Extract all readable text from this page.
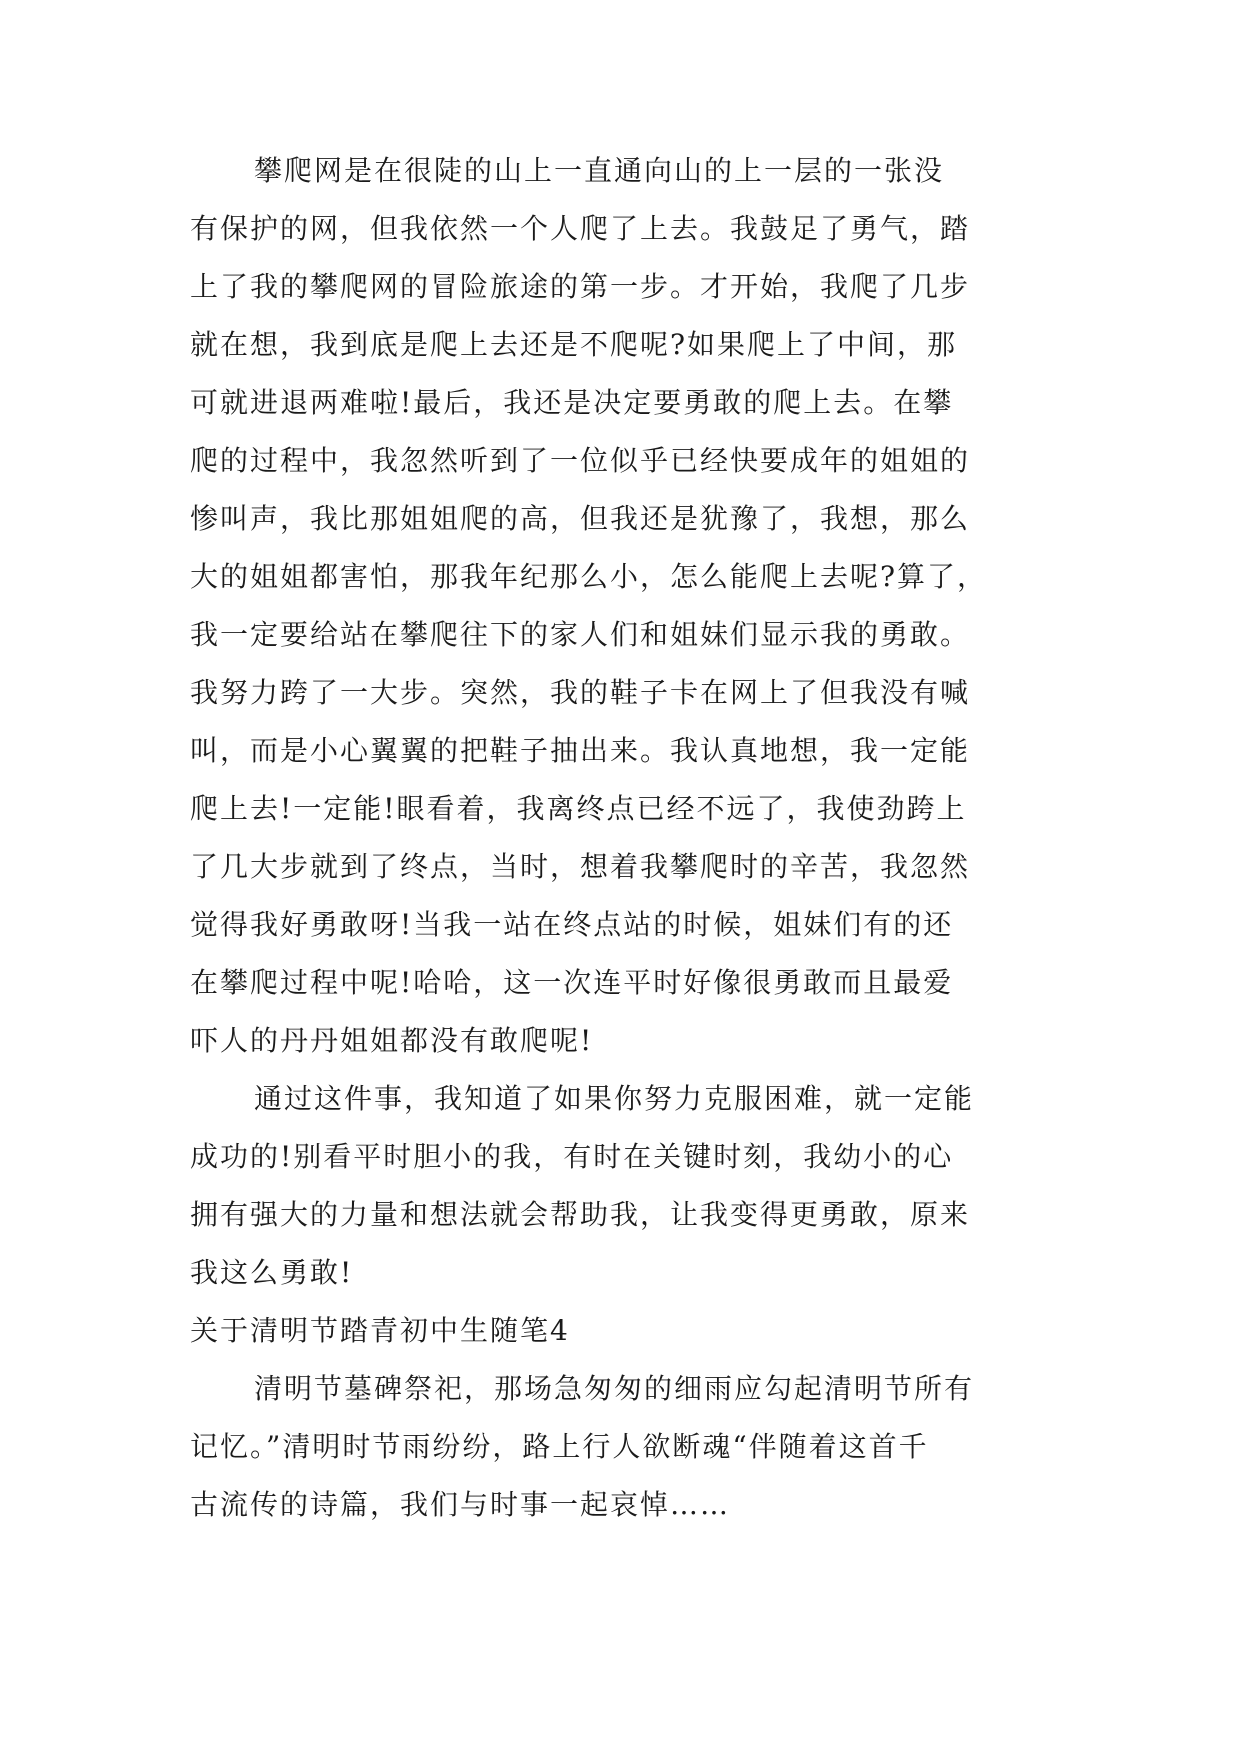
攀爬网是在很陡的山上一直通向山的上一层的一张没
有保护的网，但我依然一个人爬了上去。我鼓足了勇气，踏
上了我的攀爬网的冒险旅途的第一步。才开始，我爬了几步
就在想，我到底是爬上去还是不爬呢?如果爬上了中间，那
可就进退两难啦!最后，我还是决定要勇敢的爬上去。在攀
爬的过程中，我忽然听到了一位似乎已经快要成年的姐姐的
惨叫声，我比那姐姐爬的高，但我还是犹豫了，我想，那么
大的姐姐都害怕，那我年纪那么小，怎么能爬上去呢?算了，
我一定要给站在攀爬往下的家人们和姐妹们显示我的勇敢。
我努力跨了一大步。突然，我的鞋子卡在网上了但我没有喊
叫，而是小心翼翼的把鞋子抽出来。我认真地想，我一定能
爬上去!一定能!眼看着，我离终点已经不远了，我使劲跨上
了几大步就到了终点，当时，想着我攀爬时的辛苦，我忽然
觉得我好勇敢呀!当我一站在终点站的时候，姐妹们有的还
在攀爬过程中呢!哈哈，这一次连平时好像很勇敢而且最爱
吓人的丹丹姐姐都没有敢爬呢!
通过这件事，我知道了如果你努力克服困难，就一定能
成功的!别看平时胆小的我，有时在关键时刻，我幼小的心
拥有强大的力量和想法就会帮助我，让我变得更勇敢，原来
我这么勇敢!
关于清明节踏青初中生随笔4
清明节墓碑祭祀，那场急匆匆的细雨应勾起清明节所有
记忆。”清明时节雨纷纷，路上行人欲断魂“伴随着这首千
古流传的诗篇，我们与时事一起哀悼……
